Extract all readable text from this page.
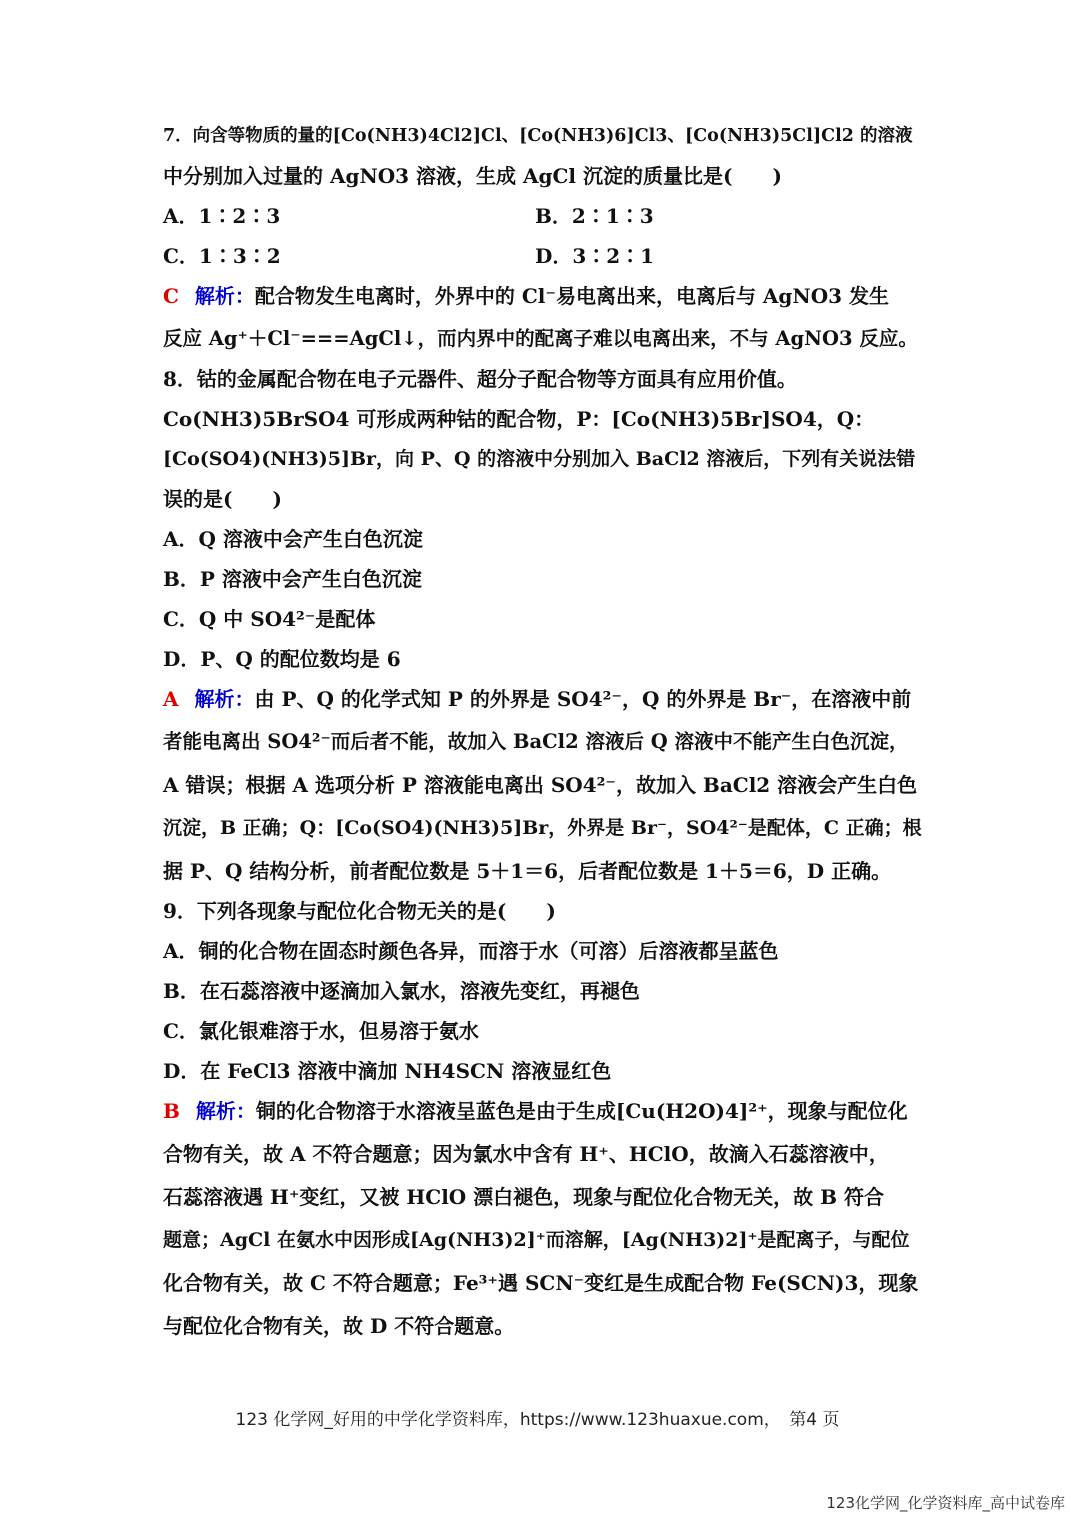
7．向含等物质的量的[Co(NH3)4Cl2]Cl、[Co(NH3)6]Cl3、[Co(NH3)5Cl]Cl2 的溶液
中分别加入过量的 AgNO3 溶液，生成 AgCl 沉淀的质量比是(　　)
A．1∶2∶3	B．2∶1∶3
C．1∶3∶2	D．3∶2∶1
C 解析：配合物发生电离时，外界中的 Cl⁻易电离出来，电离后与 AgNO3 发生
反应 Ag⁺＋Cl⁻===AgCl↓，而内界中的配离子难以电离出来，不与 AgNO3 反应。
8．钴的金属配合物在电子元器件、超分子配合物等方面具有应用价值。
Co(NH3)5BrSO4 可形成两种钴的配合物，P：[Co(NH3)5Br]SO4，Q：
[Co(SO4)(NH3)5]Br，向 P、Q 的溶液中分别加入 BaCl2 溶液后，下列有关说法错
误的是(　　)
A．Q 溶液中会产生白色沉淀
B．P 溶液中会产生白色沉淀
C．Q 中 SO4²⁻是配体
D．P、Q 的配位数均是 6
A 解析：由 P、Q 的化学式知 P 的外界是 SO4²⁻，Q 的外界是 Br⁻，在溶液中前
者能电离出 SO4²⁻而后者不能，故加入 BaCl2 溶液后 Q 溶液中不能产生白色沉淀，
A 错误；根据 A 选项分析 P 溶液能电离出 SO4²⁻，故加入 BaCl2 溶液会产生白色
沉淀，B 正确；Q：[Co(SO4)(NH3)5]Br，外界是 Br⁻，SO4²⁻是配体，C 正确；根
据 P、Q 结构分析，前者配位数是 5＋1＝6，后者配位数是 1＋5＝6，D 正确。
9．下列各现象与配位化合物无关的是(　　)
A．铜的化合物在固态时颜色各异，而溶于水（可溶）后溶液都呈蓝色
B．在石蕊溶液中逐滴加入氯水，溶液先变红，再褪色
C．氯化银难溶于水，但易溶于氨水
D．在 FeCl3 溶液中滴加 NH4SCN 溶液显红色
B 解析：铜的化合物溶于水溶液呈蓝色是由于生成[Cu(H2O)4]²⁺，现象与配位化
合物有关，故 A 不符合题意；因为氯水中含有 H⁺、HClO，故滴入石蕊溶液中，
石蕊溶液遇 H⁺变红，又被 HClO 漂白褪色，现象与配位化合物无关，故 B 符合
题意；AgCl 在氨水中因形成[Ag(NH3)2]⁺而溶解，[Ag(NH3)2]⁺是配离子，与配位
化合物有关，故 C 不符合题意；Fe³⁺遇 SCN⁻变红是生成配合物 Fe(SCN)3，现象
与配位化合物有关，故 D 不符合题意。
123 化学网_好用的中学化学资料库，https://www.123huaxue.com，　第4 页
123化学网_化学资料库_高中试卷库
